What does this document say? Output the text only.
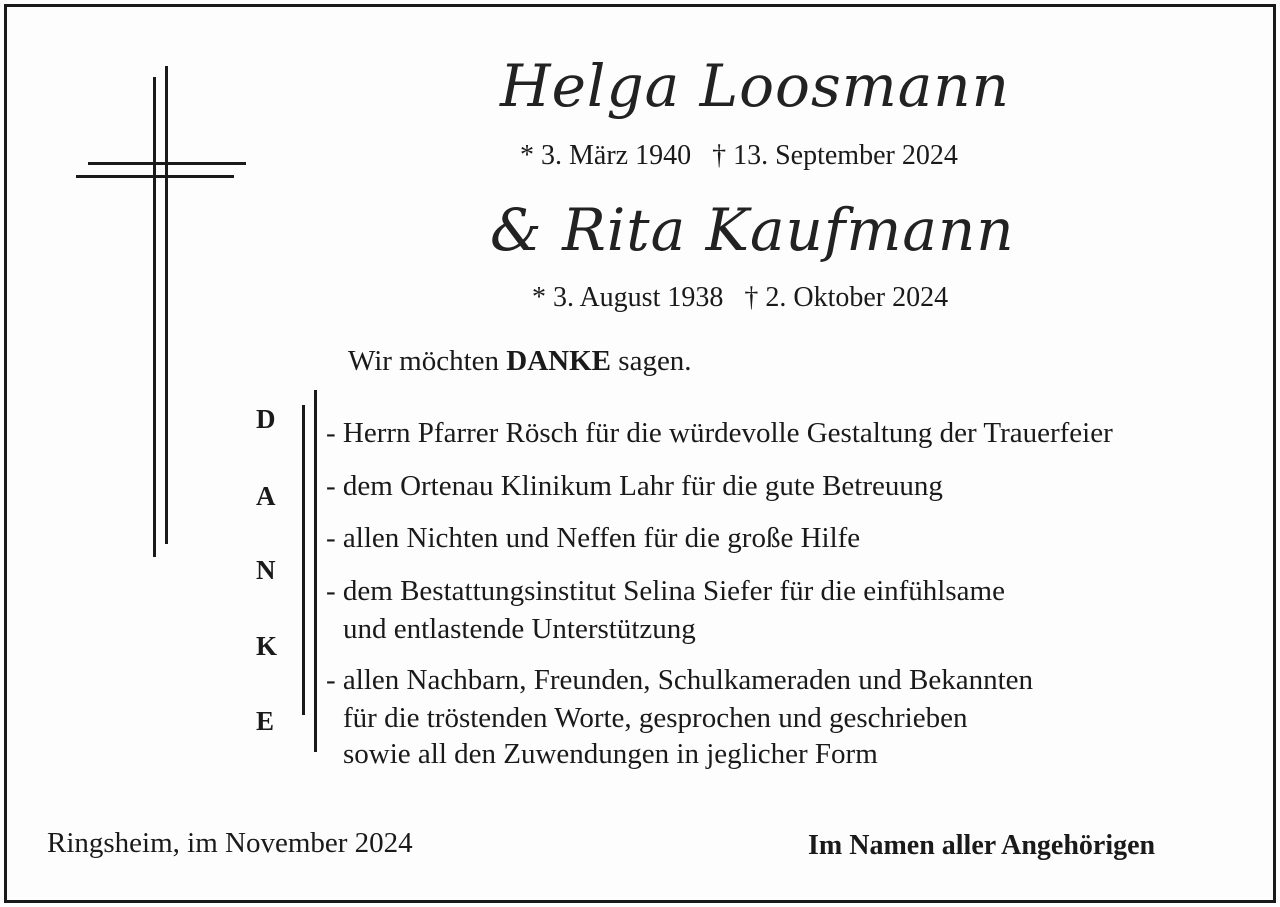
Helga Loosmann
* 3. März 1940   † 13. September 2024
& Rita Kaufmann
* 3. August 1938   † 2. Oktober 2024
Wir möchten DANKE sagen.
D
A
N
K
E
- Herrn Pfarrer Rösch für die würdevolle Gestaltung der Trauerfeier
- dem Ortenau Klinikum Lahr für die gute Betreuung
- allen Nichten und Neffen für die große Hilfe
- dem Bestattungsinstitut Selina Siefer für die einfühlsame
und entlastende Unterstützung
- allen Nachbarn, Freunden, Schulkameraden und Bekannten
für die tröstenden Worte, gesprochen und geschrieben
sowie all den Zuwendungen in jeglicher Form
Ringsheim, im November 2024	Im Namen aller Angehörigen
